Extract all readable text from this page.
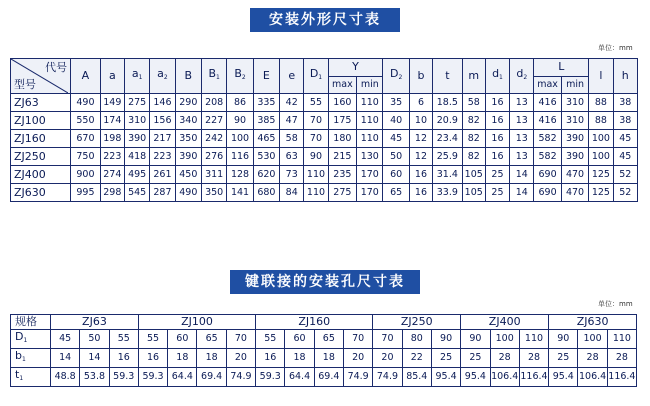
安装外形尺寸表
单位：mm
代号
型号	A	a	$a_1$	$a_2$	B	$B_1$	$B_2$	E	e	$D_1$	Y		$D_2$	b	t	m	$d_1$	$d_2$	L		l	h
											max	min							max	min		
ZJ63	490	149	275	146	290	208	86	335	42	55	160	110	35	6	18.5	58	16	13	416	310	88	38
ZJ100	550	174	310	156	340	227	90	385	47	70	175	110	40	10	20.9	82	16	13	416	310	88	38
ZJ160	670	198	390	217	350	242	100	465	58	70	180	110	45	12	23.4	82	16	13	582	390	100	45
ZJ250	750	223	418	223	390	276	116	530	63	90	215	130	50	12	25.9	82	16	13	582	390	100	45
ZJ400	900	274	495	261	450	311	128	620	73	110	235	170	60	16	31.4	105	25	14	690	470	125	52
ZJ630	995	298	545	287	490	350	141	680	84	110	275	170	65	16	33.9	105	25	14	690	470	125	52
键联接的安装孔尺寸表
单位：mm
规格	ZJ63			ZJ100				ZJ160				ZJ250			ZJ400			ZJ630		
$D_1$	45	50	55	55	60	65	70	55	60	65	70	70	80	90	90	100	110	90	100	110
$b_1$	14	14	16	16	18	18	20	16	18	18	20	20	22	25	25	28	28	25	28	28
$t_1$	48.8	53.8	59.3	59.3	64.4	69.4	74.9	59.3	64.4	69.4	74.9	74.9	85.4	95.4	95.4	106.4	116.4	95.4	106.4	116.4
